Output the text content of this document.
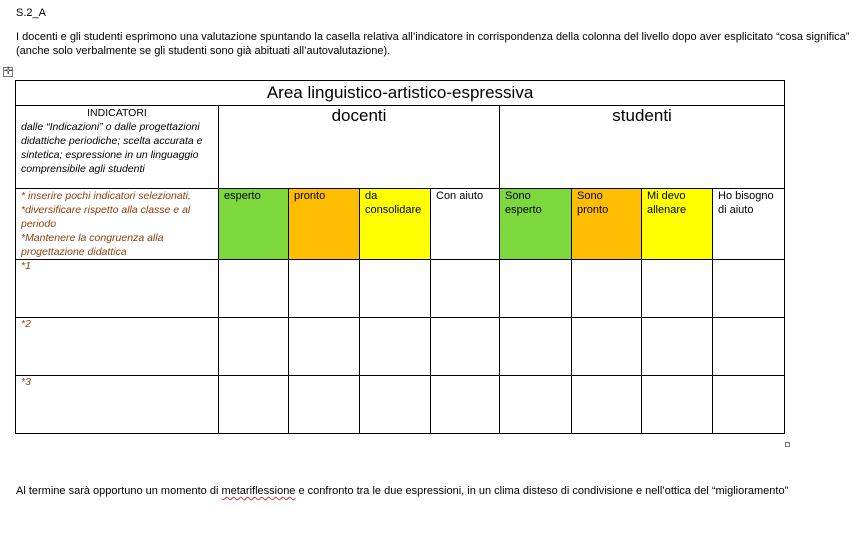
S.2_A
I docenti e gli studenti esprimono una valutazione spuntando la casella relativa all’indicatore in corrispondenza della colonna del livello dopo aver esplicitato “cosa significa”
(anche solo verbalmente se gli studenti sono già abituati all’autovalutazione).
✛
Area linguistico-artistico-espressiva								

INDICATORI
dalle “Indicazioni” o dalle progettazioni didattiche periodiche; scelta accurata e sintetica; espressione in un linguaggio comprensibile agli studenti	docenti				studenti			

* inserire pochi indicatori selezionati,
*diversificare rispetto alla classe e al periodo
*Mantenere la congruenza alla progettazione didattica	esperto	pronto	da consolidare	Con aiuto	Sono esperto	Sono pronto	Mi devo allenare	Ho bisogno di aiuto
*1								
*2								
*3								
Al termine sarà opportuno un momento di metariflessione e confronto tra le due espressioni, in un clima disteso di condivisione e nell’ottica del “miglioramento”
